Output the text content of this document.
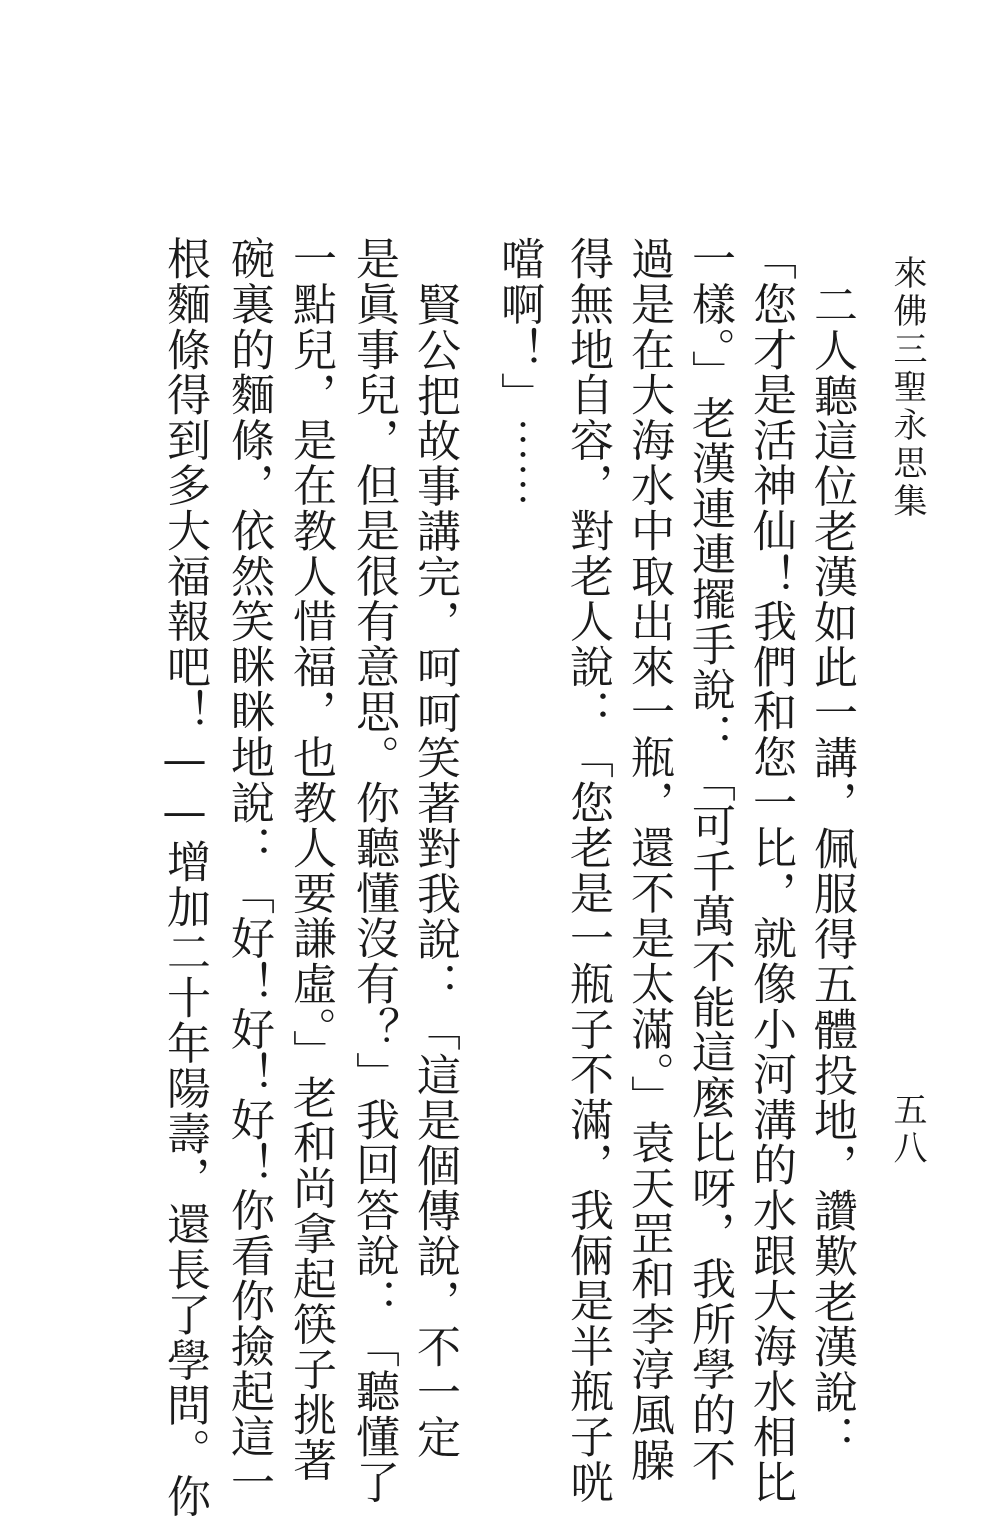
來佛三聖永思集
五八
二人聽這位老漢如此一講，佩服得五體投地，讚歎老漢說：
「您才是活神仙！我們和您一比，就像小河溝的水跟大海水相比
一樣。」老漢連連擺手說：「可千萬不能這麼比呀，我所學的不
過是在大海水中取出來一瓶，還不是太滿。」袁天罡和李淳風臊
得無地自容，對老人說：「您老是一瓶子不滿，我倆是半瓶子咣
噹啊！」⋯⋯
賢公把故事講完，呵呵笑著對我說：「這是個傳說，不一定
是眞事兒，但是很有意思。你聽懂沒有？」我回答說：「聽懂了
一點兒，是在教人惜福，也教人要謙虛。」老和尚拿起筷子挑著
碗裏的麵條，依然笑眯眯地說：「好！好！好！你看你撿起這一
根麵條得到多大福報吧！——增加二十年陽壽，還長了學問。你
